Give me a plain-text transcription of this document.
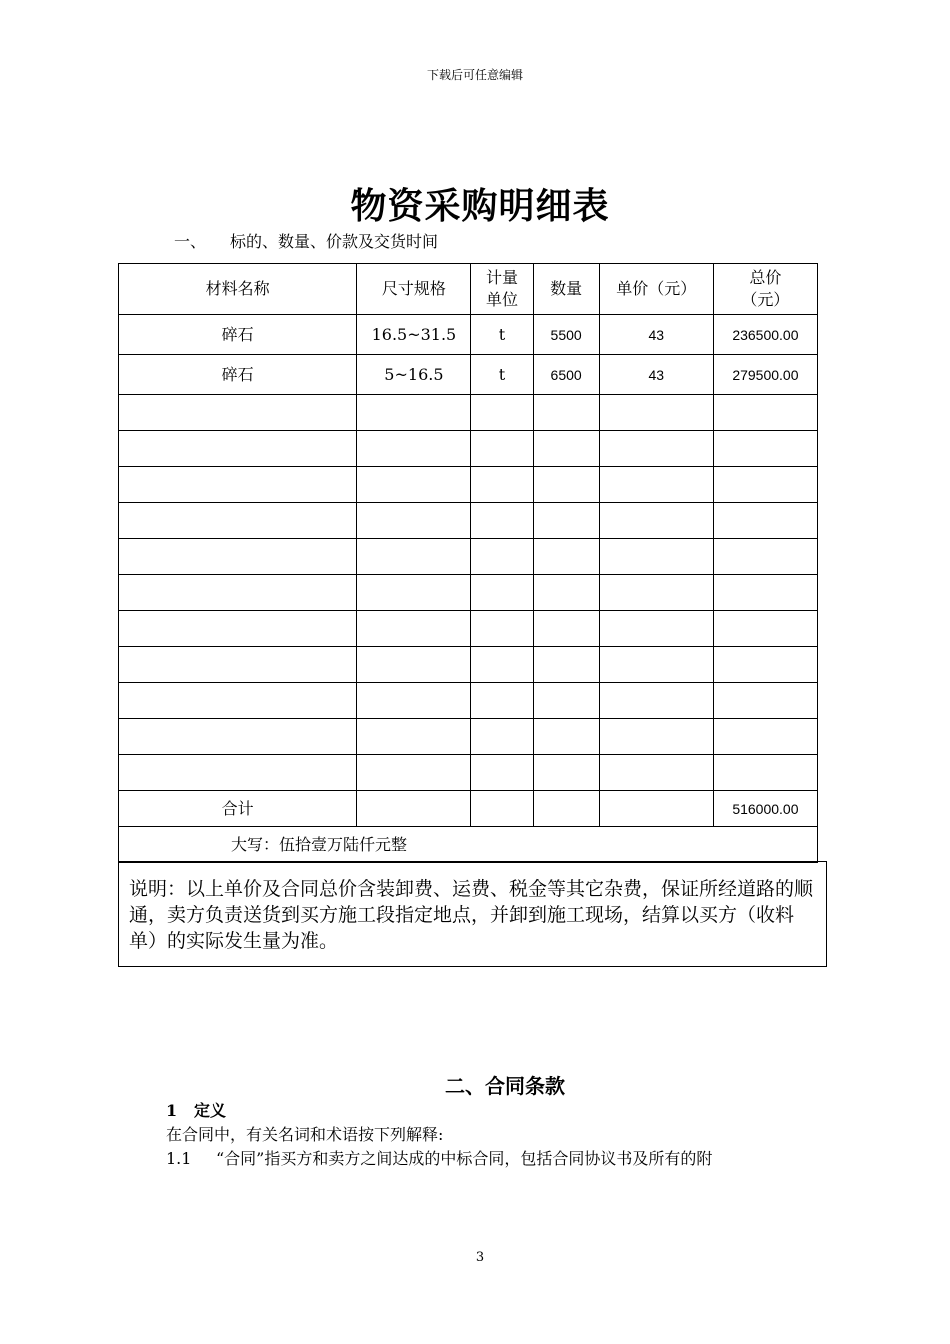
下载后可任意编辑
物资采购明细表
一、 标的、数量、价款及交货时间
材料名称	尺寸规格	计量单位	数量	单价（元）	总价（元）

碎石	16.5~31.5	t	5500	43	236500.00
碎石	5~16.5	t	6500	43	279500.00

合计					516000.00
大写：伍拾壹万陆仟元整					
说明：以上单价及合同总价含装卸费、运费、税金等其它杂费，保证所经道路的顺通，卖方负责送货到买方施工段指定地点，并卸到施工现场，结算以买方（收料单）的实际发生量为准。
二、合同条款
1 定义
在合同中，有关名词和术语按下列解释:
1.1 “合同”指买方和卖方之间达成的中标合同，包括合同协议书及所有的附
3
